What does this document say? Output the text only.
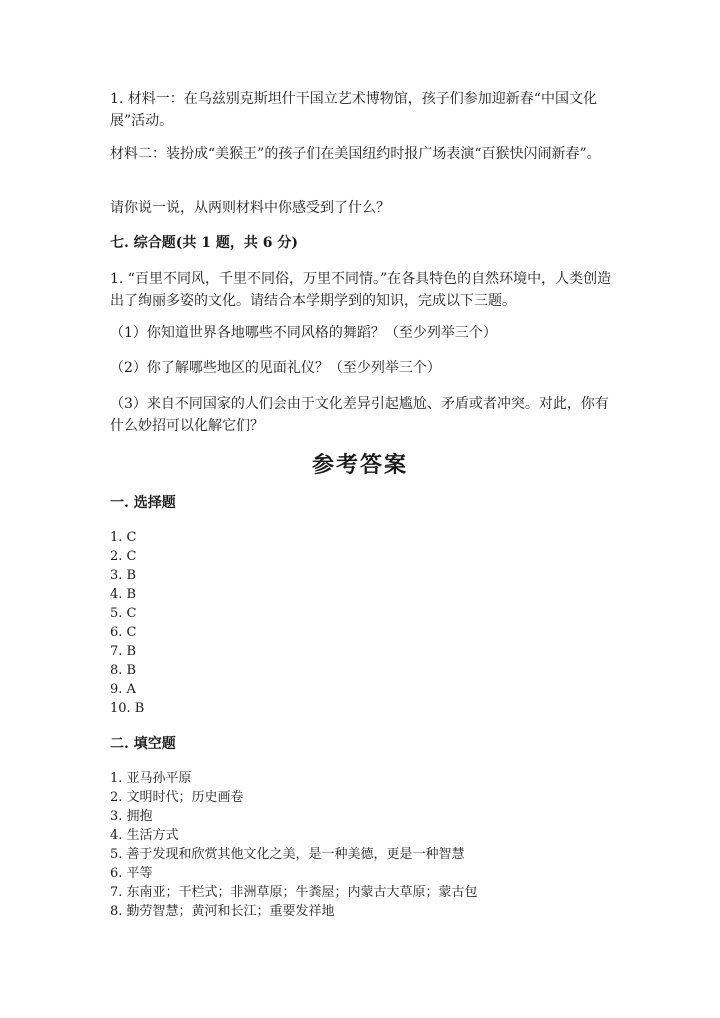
1. 材料一：在乌兹别克斯坦什干国立艺术博物馆，孩子们参加迎新春“中国文化展”活动。

材料二：装扮成“美猴王”的孩子们在美国纽约时报广场表演“百猴快闪闹新春”。

请你说一说，从两则材料中你感受到了什么？

七. 综合题(共 1 题，共 6 分)

1. “百里不同风，千里不同俗，万里不同情。”在各具特色的自然环境中，人类创造出了绚丽多姿的文化。请结合本学期学到的知识，完成以下三题。

（1）你知道世界各地哪些不同风格的舞蹈？（至少列举三个）

（2）你了解哪些地区的见面礼仪？（至少列举三个）

（3）来自不同国家的人们会由于文化差异引起尴尬、矛盾或者冲突。对此，你有什么妙招可以化解它们？

参考答案

一. 选择题

1. C
2. C
3. B
4. B
5. C
6. C
7. B
8. B
9. A
10. B

二. 填空题

1. 亚马孙平原
2. 文明时代；历史画卷
3. 拥抱
4. 生活方式
5. 善于发现和欣赏其他文化之美，是一种美德，更是一种智慧
6. 平等
7. 东南亚；干栏式；非洲草原；牛粪屋；内蒙古大草原；蒙古包
8. 勤劳智慧；黄河和长江；重要发祥地
